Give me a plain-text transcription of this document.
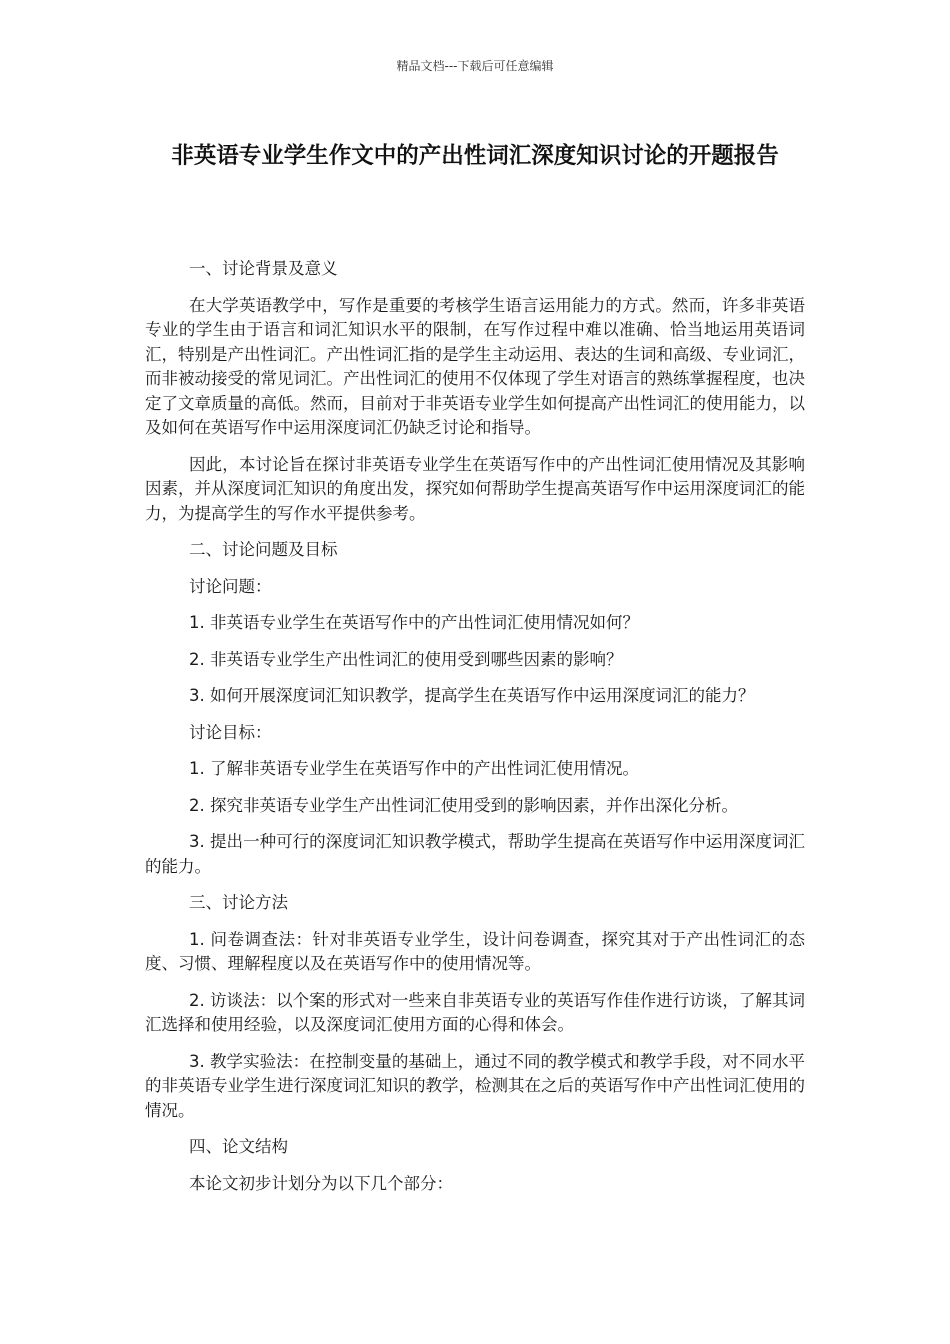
精品文档---下载后可任意编辑
非英语专业学生作文中的产出性词汇深度知识讨论的开题报告

一、讨论背景及意义

在大学英语教学中，写作是重要的考核学生语言运用能力的方式。然而，许多非英语专业的学生由于语言和词汇知识水平的限制，在写作过程中难以准确、恰当地运用英语词汇，特别是产出性词汇。产出性词汇指的是学生主动运用、表达的生词和高级、专业词汇，而非被动接受的常见词汇。产出性词汇的使用不仅体现了学生对语言的熟练掌握程度，也决定了文章质量的高低。然而，目前对于非英语专业学生如何提高产出性词汇的使用能力，以及如何在英语写作中运用深度词汇仍缺乏讨论和指导。

因此，本讨论旨在探讨非英语专业学生在英语写作中的产出性词汇使用情况及其影响因素，并从深度词汇知识的角度出发，探究如何帮助学生提高英语写作中运用深度词汇的能力，为提高学生的写作水平提供参考。

二、讨论问题及目标

讨论问题：

1. 非英语专业学生在英语写作中的产出性词汇使用情况如何？

2. 非英语专业学生产出性词汇的使用受到哪些因素的影响？

3. 如何开展深度词汇知识教学，提高学生在英语写作中运用深度词汇的能力？

讨论目标：

1. 了解非英语专业学生在英语写作中的产出性词汇使用情况。

2. 探究非英语专业学生产出性词汇使用受到的影响因素，并作出深化分析。

3. 提出一种可行的深度词汇知识教学模式，帮助学生提高在英语写作中运用深度词汇的能力。

三、讨论方法

1. 问卷调查法：针对非英语专业学生，设计问卷调查，探究其对于产出性词汇的态度、习惯、理解程度以及在英语写作中的使用情况等。

2. 访谈法：以个案的形式对一些来自非英语专业的英语写作佳作进行访谈，了解其词汇选择和使用经验，以及深度词汇使用方面的心得和体会。

3. 教学实验法：在控制变量的基础上，通过不同的教学模式和教学手段，对不同水平的非英语专业学生进行深度词汇知识的教学，检测其在之后的英语写作中产出性词汇使用的情况。

四、论文结构

本论文初步计划分为以下几个部分：
